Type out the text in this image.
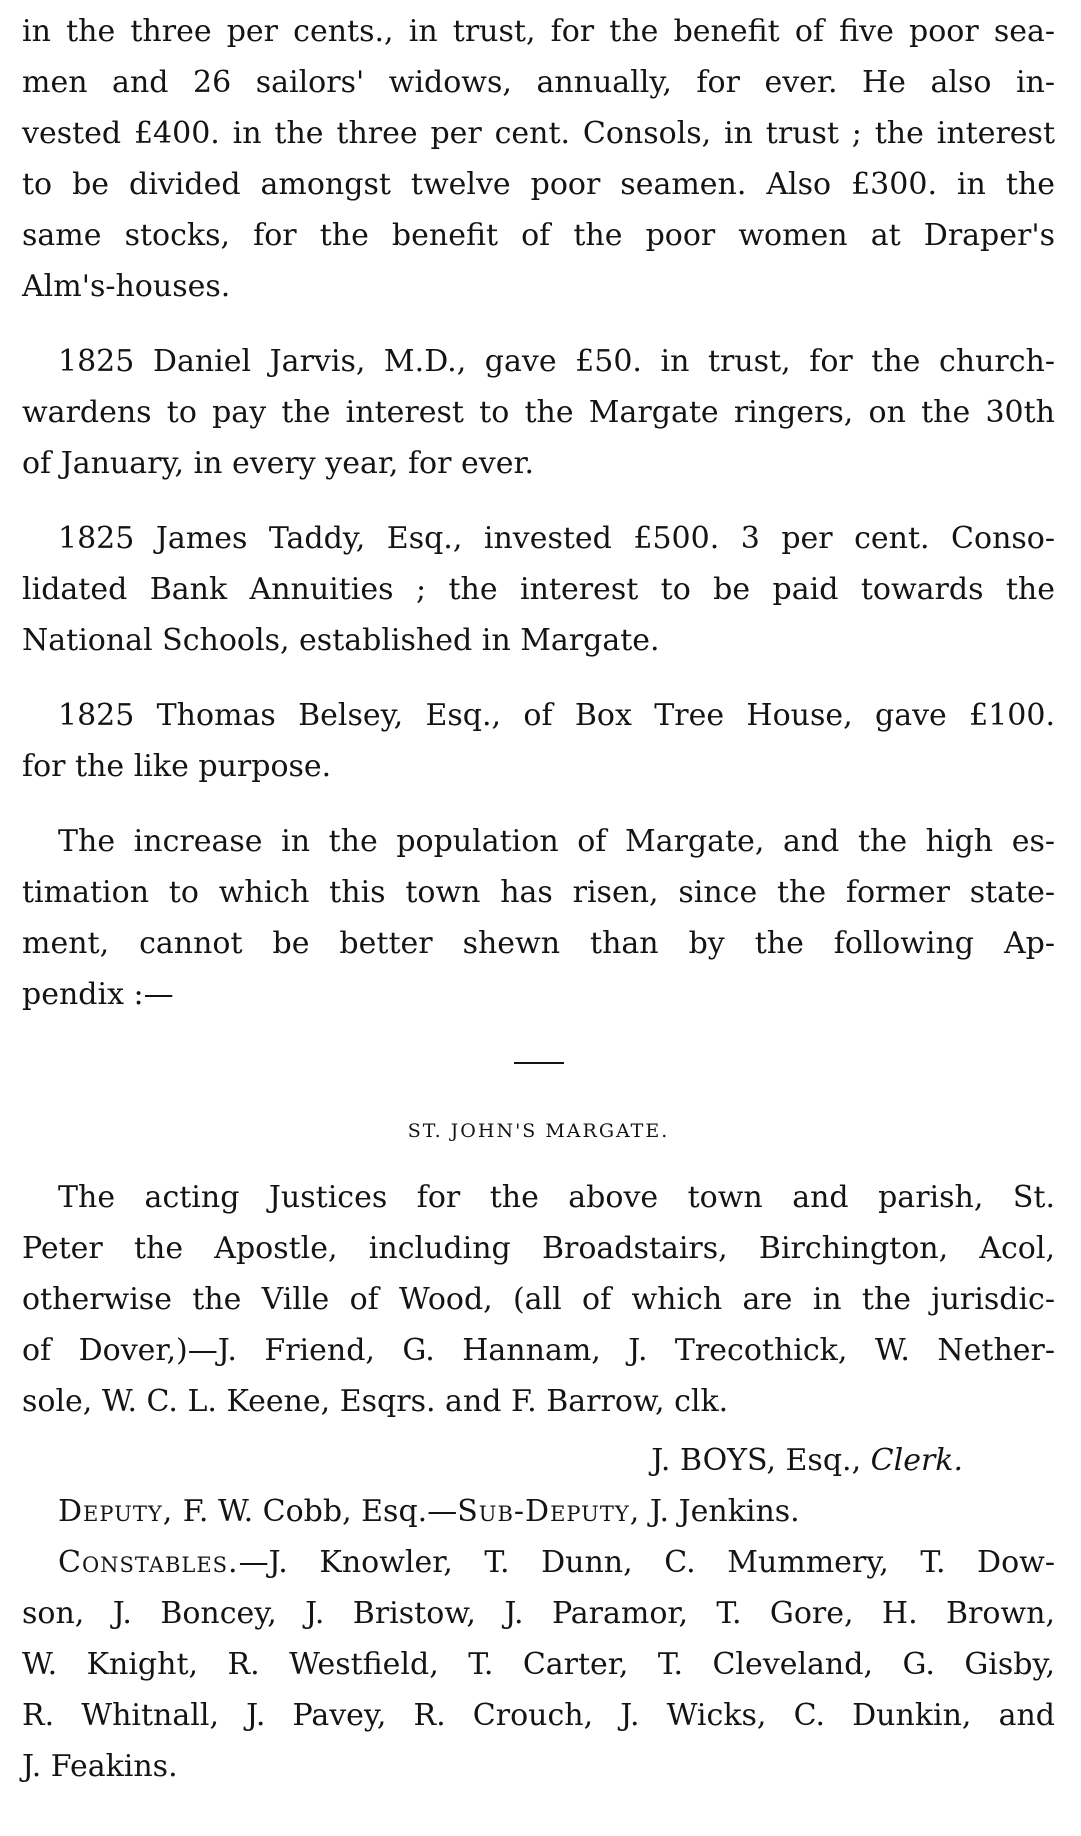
in the three per cents., in trust, for the benefit of five poor sea-
men and 26 sailors' widows, annually, for ever. He also in-
vested £400. in the three per cent. Consols, in trust ; the interest
to be divided amongst twelve poor seamen. Also £300. in the
same stocks, for the benefit of the poor women at Draper's
Alm's-houses.
1825 Daniel Jarvis, M.D., gave £50. in trust, for the church-
wardens to pay the interest to the Margate ringers, on the 30th
of January, in every year, for ever.
1825 James Taddy, Esq., invested £500. 3 per cent. Conso-
lidated Bank Annuities ; the interest to be paid towards the
National Schools, established in Margate.
1825 Thomas Belsey, Esq., of Box Tree House, gave £100.
for the like purpose.
The increase in the population of Margate, and the high es-
timation to which this town has risen, since the former state-
ment, cannot be better shewn than by the following Ap-
pendix :—
ST. JOHN'S MARGATE.
The acting Justices for the above town and parish, St.
Peter the Apostle, including Broadstairs, Birchington, Acol,
otherwise the Ville of Wood, (all of which are in the jurisdic-
of Dover,)—J. Friend, G. Hannam, J. Trecothick, W. Nether-
sole, W. C. L. Keene, Esqrs. and F. Barrow, clk.
J. BOYS, Esq., Clerk.
Deputy, F. W. Cobb, Esq.—Sub-Deputy, J. Jenkins.
Constables.—J. Knowler, T. Dunn, C. Mummery, T. Dow-
son, J. Boncey, J. Bristow, J. Paramor, T. Gore, H. Brown,
W. Knight, R. Westfield, T. Carter, T. Cleveland, G. Gisby,
R. Whitnall, J. Pavey, R. Crouch, J. Wicks, C. Dunkin, and
J. Feakins.
